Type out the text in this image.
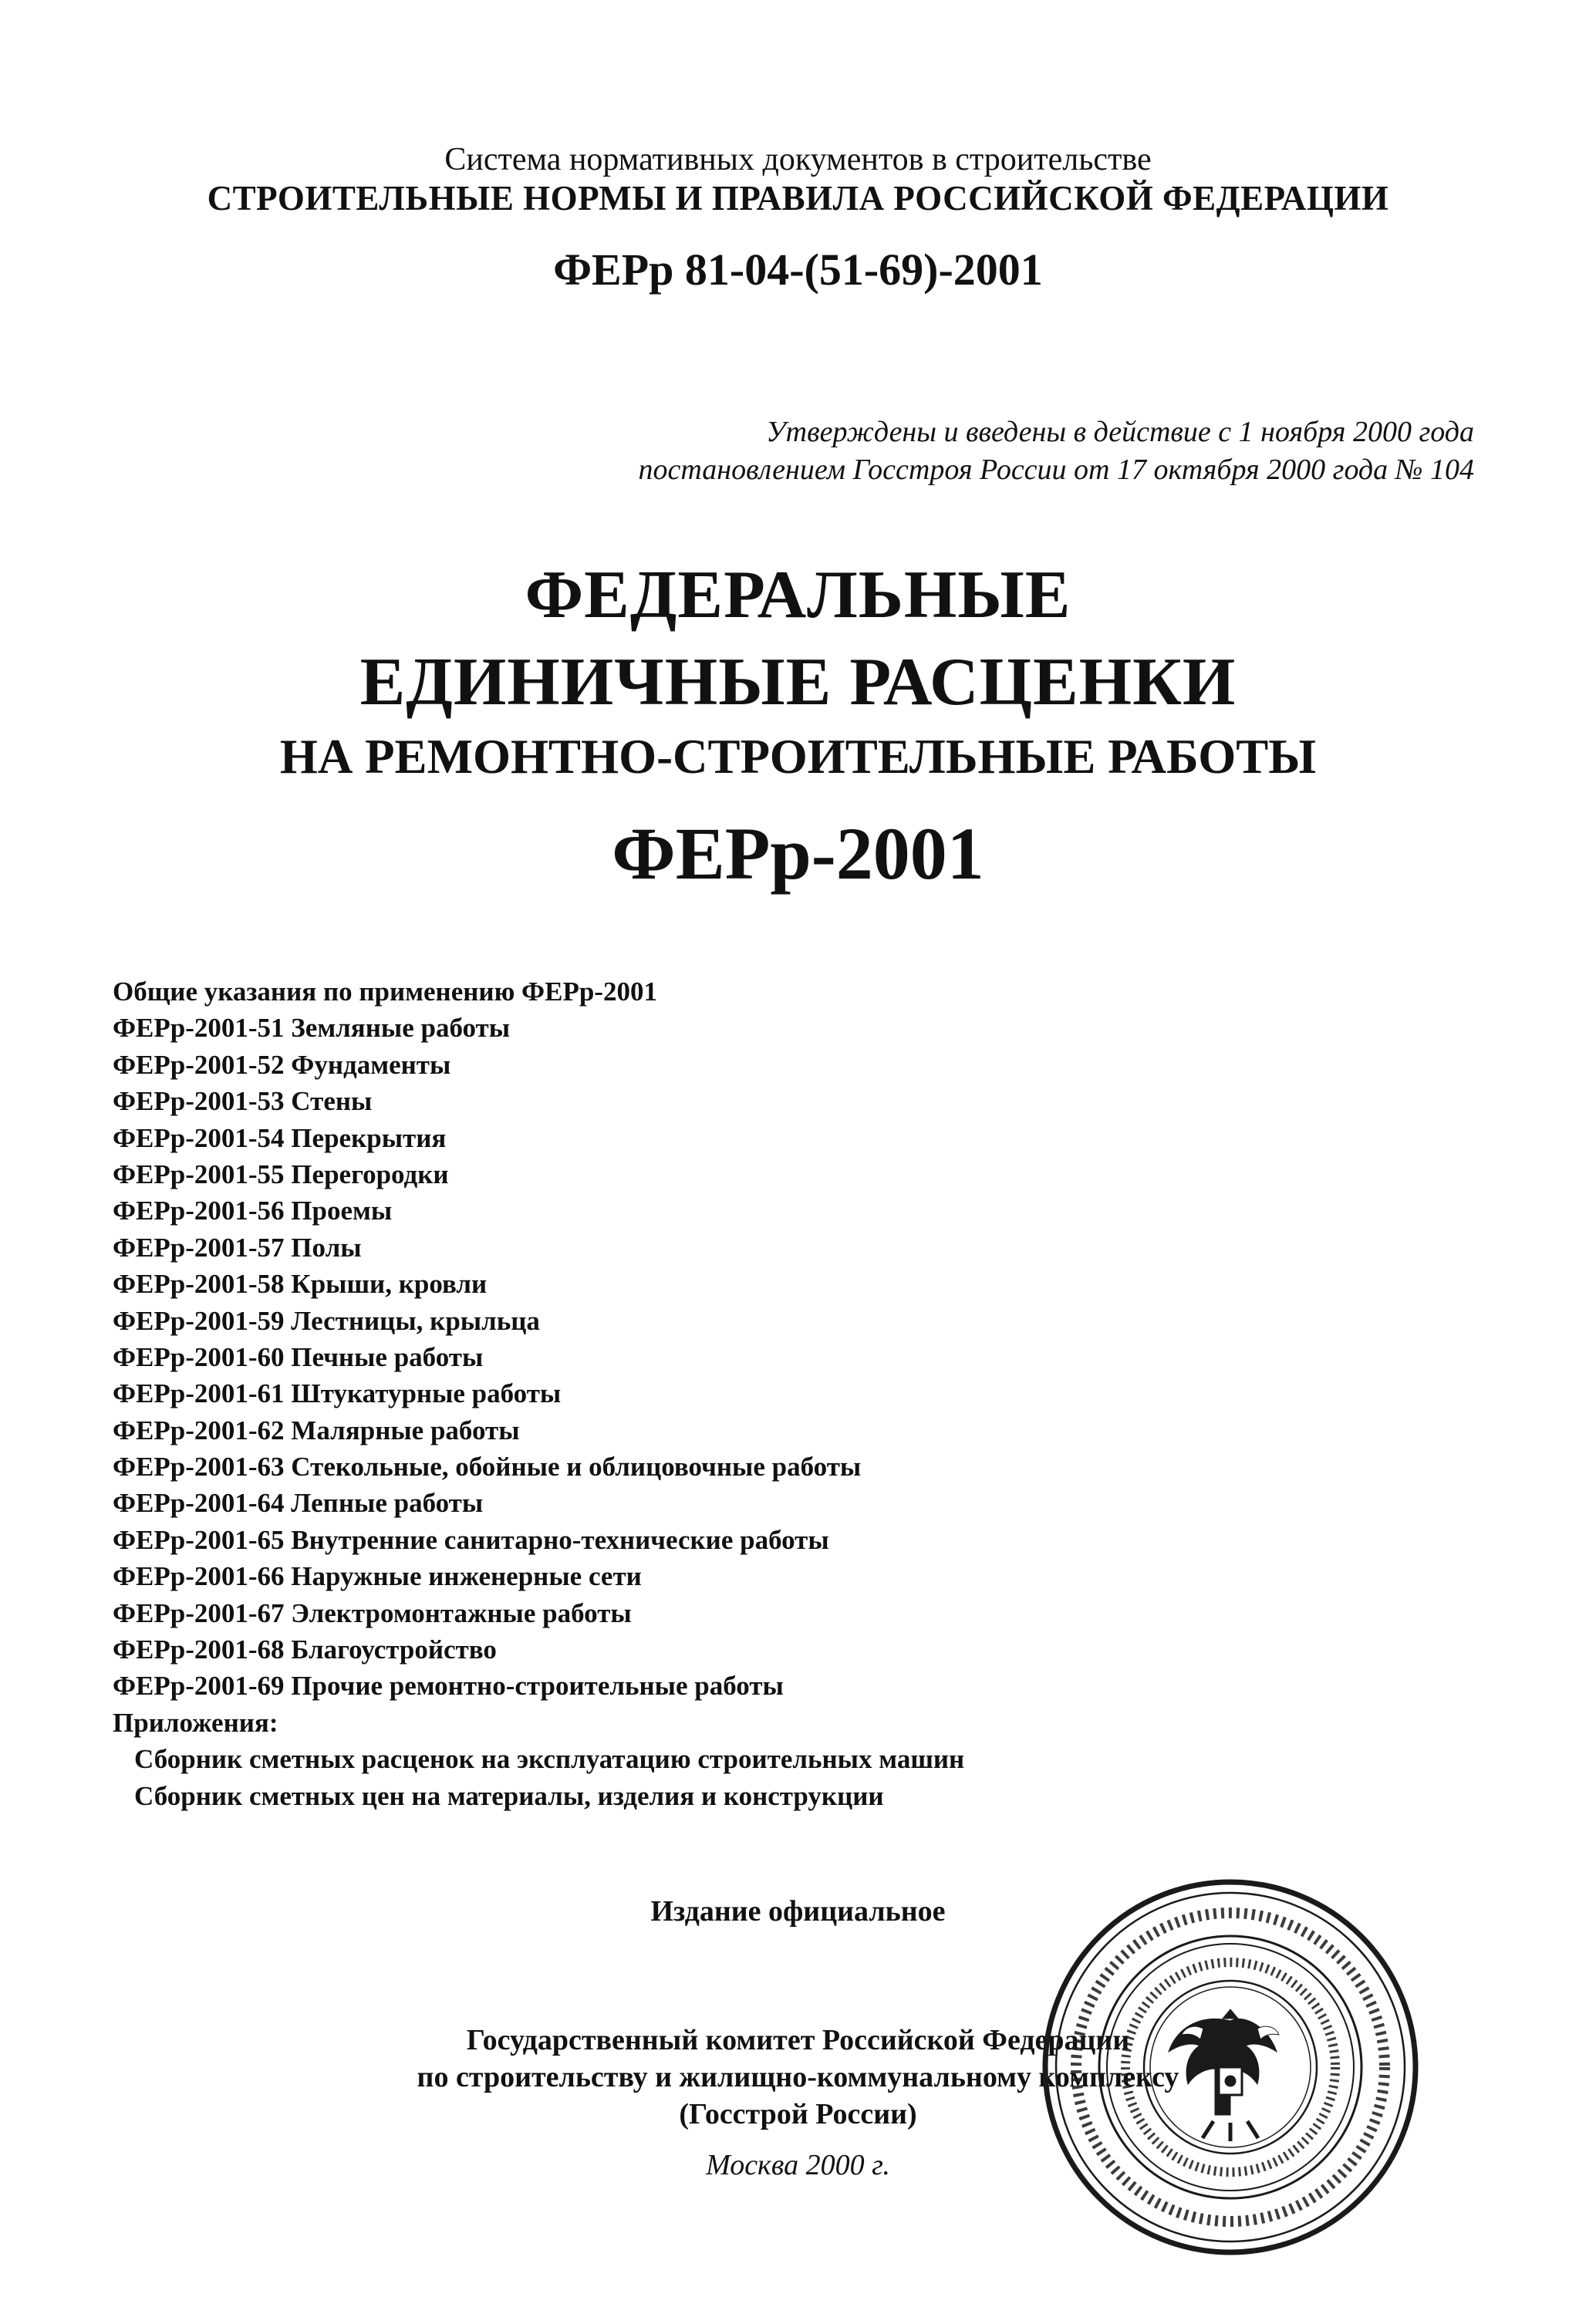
Система нормативных документов в строительстве
СТРОИТЕЛЬНЫЕ НОРМЫ И ПРАВИЛА РОССИЙСКОЙ ФЕДЕРАЦИИ
ФЕРр 81-04-(51-69)-2001
Утверждены и введены в действие с 1 ноября 2000 года
постановлением Госстроя России от 17 октября 2000 года № 104
ФЕДЕРАЛЬНЫЕ
ЕДИНИЧНЫЕ РАСЦЕНКИ
НА РЕМОНТНО-СТРОИТЕЛЬНЫЕ РАБОТЫ
ФЕРр-2001
Общие указания по применению ФЕРр-2001
ФЕРр-2001-51 Земляные работы
ФЕРр-2001-52 Фундаменты
ФЕРр-2001-53 Стены
ФЕРр-2001-54 Перекрытия
ФЕРр-2001-55 Перегородки
ФЕРр-2001-56 Проемы
ФЕРр-2001-57 Полы
ФЕРр-2001-58 Крыши, кровли
ФЕРр-2001-59 Лестницы, крыльца
ФЕРр-2001-60 Печные работы
ФЕРр-2001-61 Штукатурные работы
ФЕРр-2001-62 Малярные работы
ФЕРр-2001-63 Стекольные, обойные и облицовочные работы
ФЕРр-2001-64 Лепные работы
ФЕРр-2001-65 Внутренние санитарно-технические работы
ФЕРр-2001-66 Наружные инженерные сети
ФЕРр-2001-67 Электромонтажные работы
ФЕРр-2001-68 Благоустройство
ФЕРр-2001-69 Прочие ремонтно-строительные работы
Приложения:
Сборник сметных расценок на эксплуатацию строительных машин
Сборник сметных цен на материалы, изделия и конструкции
Издание официальное
Государственный комитет Российской Федерации
по строительству и жилищно-коммунальному комплексу
(Госстрой России)
Москва 2000 г.
